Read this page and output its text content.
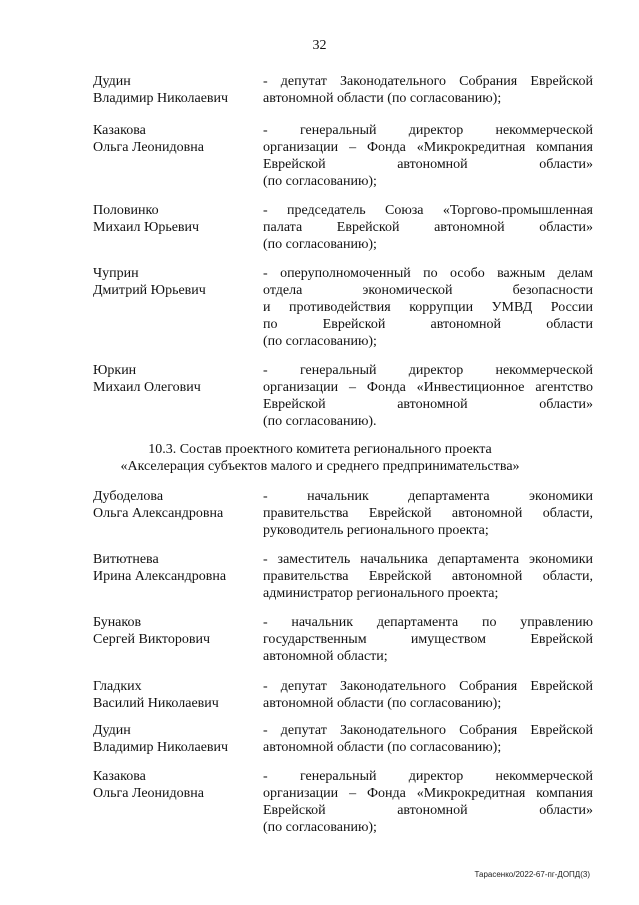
32
Дудин
Владимир Николаевич
- депутат Законодательного Собрания Еврейской
автономной области (по согласованию);
Казакова
Ольга Леонидовна
- генеральный директор некоммерческой
организации – Фонда «Микрокредитная компания
Еврейской автономной области»
(по согласованию);
Половинко
Михаил Юрьевич
- председатель Союза «Торгово-промышленная
палата Еврейской автономной области»
(по согласованию);
Чуприн
Дмитрий Юрьевич
- оперуполномоченный по особо важным делам
отдела экономической безопасности
и противодействия коррупции УМВД России
по Еврейской автономной области
(по согласованию);
Юркин
Михаил Олегович
- генеральный директор некоммерческой
организации – Фонда «Инвестиционное агентство
Еврейской автономной области»
(по согласованию).
10.3. Состав проектного комитета регионального проекта
«Акселерация субъектов малого и среднего предпринимательства»
Дубоделова
Ольга Александровна
- начальник департамента экономики
правительства Еврейской автономной области,
руководитель регионального проекта;
Витютнева
Ирина Александровна
- заместитель начальника департамента экономики
правительства Еврейской автономной области,
администратор регионального проекта;
Бунаков
Сергей Викторович
- начальник департамента по управлению
государственным имуществом Еврейской
автономной области;
Гладких
Василий Николаевич
- депутат Законодательного Собрания Еврейской
автономной области (по согласованию);
Дудин
Владимир Николаевич
- депутат Законодательного Собрания Еврейской
автономной области (по согласованию);
Казакова
Ольга Леонидовна
- генеральный директор некоммерческой
организации – Фонда «Микрокредитная компания
Еврейской автономной области»
(по согласованию);
Тарасенко/2022-67-пг-ДОПД(3)
